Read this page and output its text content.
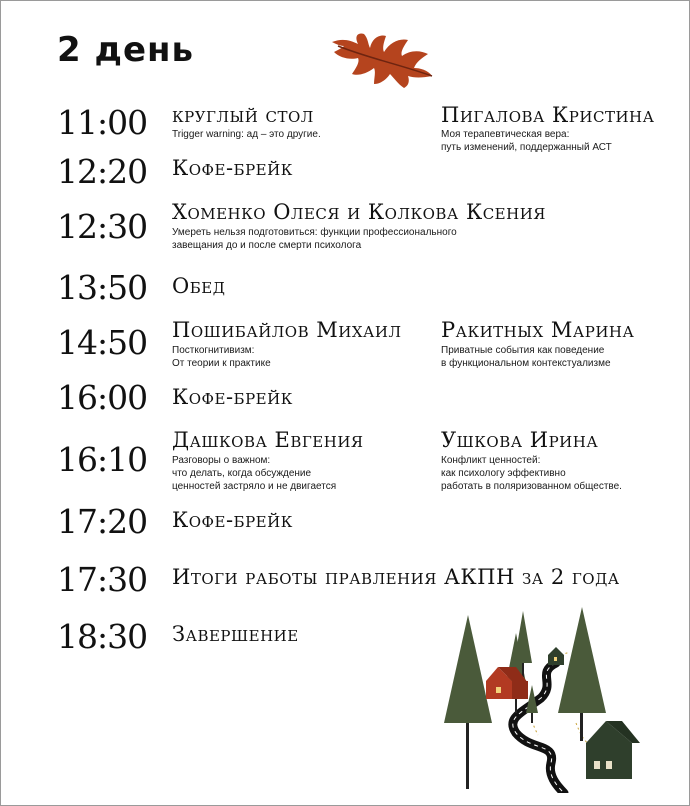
2 день
11:00 круглый стол
Trigger warning: ад – это другие.
Пигалова Кристина
Моя терапевтическая вера:
путь изменений, поддержанный АСТ
12:20 Кофе-брейк
12:30 Хоменко Олеся и Колкова Ксения
Умереть нельзя подготовиться: функции профессионального
завещания до и после смерти психолога
13:50 Обед
14:50 Пошибайлов Михаил
Посткогнитивизм:
От теории к практике
Ракитных Марина
Приватные события как поведение
в функциональном контекстуализме
16:00 Кофе-брейк
16:10 Дашкова Евгения
Разговоры о важном:
что делать, когда обсуждение
ценностей застряло и не двигается
Ушкова Ирина
Конфликт ценностей:
как психологу эффективно
работать в поляризованном обществе.
17:20 Кофе-брейк
17:30 Итоги работы правления АКПН за 2 года
18:30 Завершение
